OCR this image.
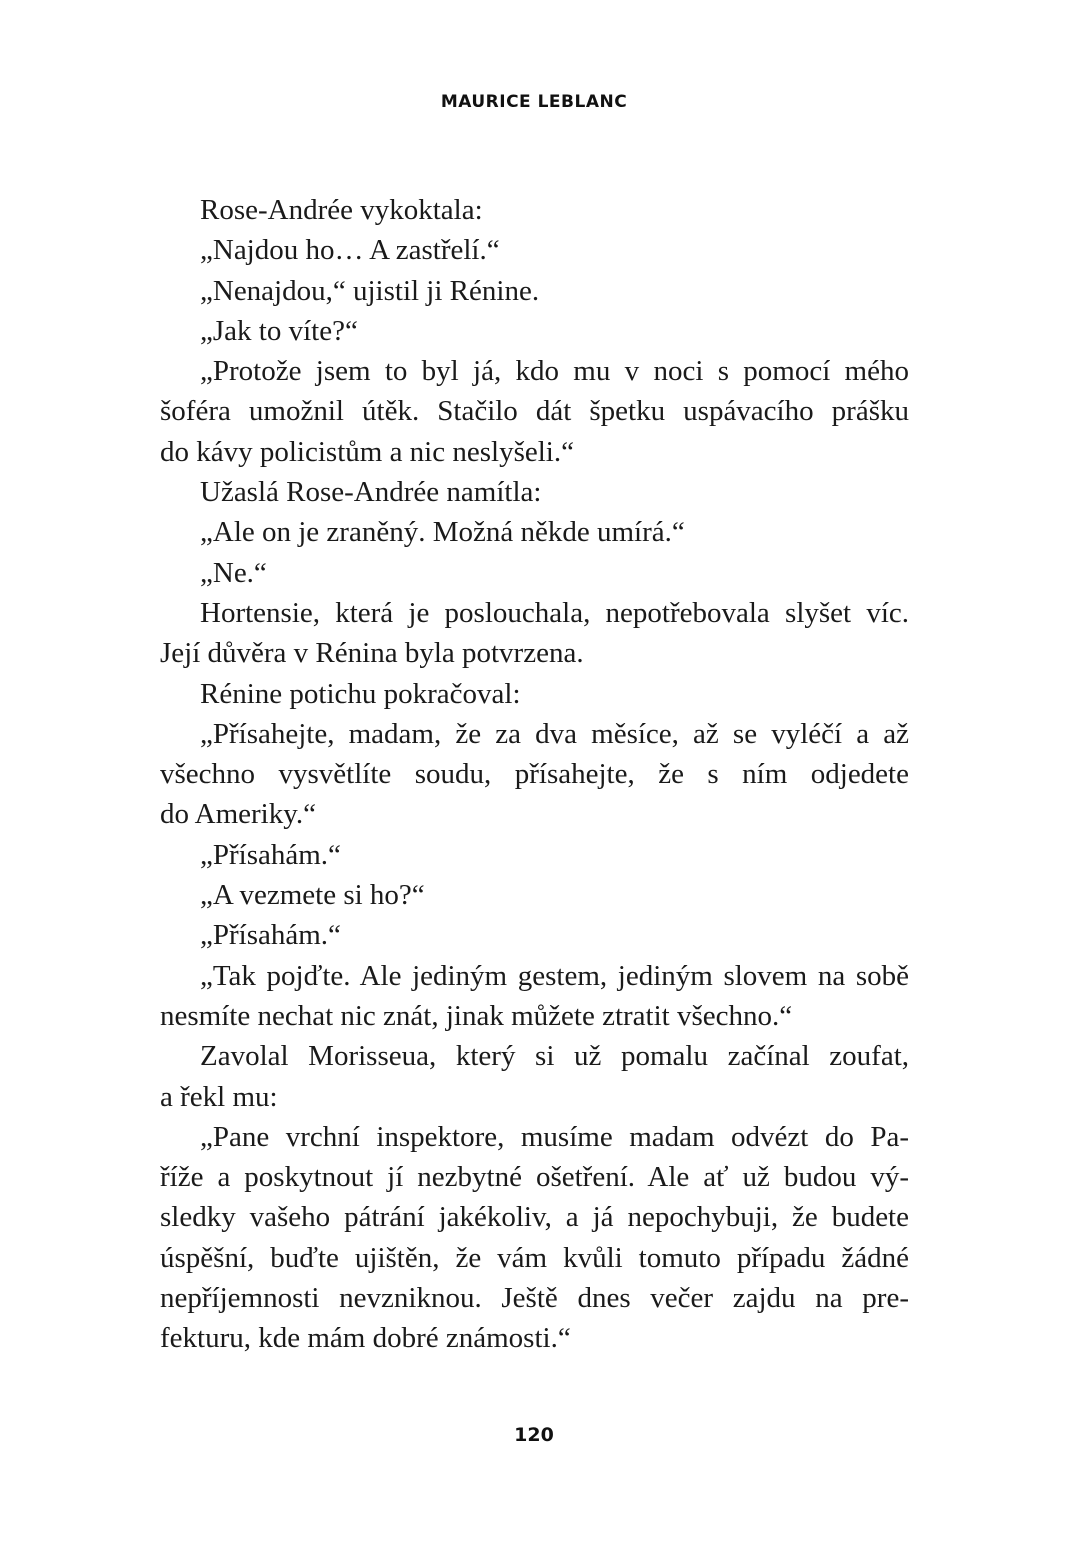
MAURICE LEBLANC
Rose-Andrée vykoktala:
„Najdou ho… A zastřelí.“
„Nenajdou,“ ujistil ji Rénine.
„Jak to víte?“
„Protože jsem to byl já, kdo mu v noci s pomocí mého
šoféra umožnil útěk. Stačilo dát špetku uspávacího prášku
do kávy policistům a nic neslyšeli.“
Užaslá Rose-Andrée namítla:
„Ale on je zraněný. Možná někde umírá.“
„Ne.“
Hortensie, která je poslouchala, nepotřebovala slyšet víc.
Její důvěra v Rénina byla potvrzena.
Rénine potichu pokračoval:
„Přísahejte, madam, že za dva měsíce, až se vyléčí a až
všechno vysvětlíte soudu, přísahejte, že s ním odjedete
do Ameriky.“
„Přísahám.“
„A vezmete si ho?“
„Přísahám.“
„Tak pojďte. Ale jediným gestem, jediným slovem na sobě
nesmíte nechat nic znát, jinak můžete ztratit všechno.“
Zavolal Morisseua, který si už pomalu začínal zoufat,
a řekl mu:
„Pane vrchní inspektore, musíme madam odvézt do Pa-
říže a poskytnout jí nezbytné ošetření. Ale ať už budou vý-
sledky vašeho pátrání jakékoliv, a já nepochybuji, že budete
úspěšní, buďte ujištěn, že vám kvůli tomuto případu žádné
nepříjemnosti nevzniknou. Ještě dnes večer zajdu na pre-
fekturu, kde mám dobré známosti.“
120
